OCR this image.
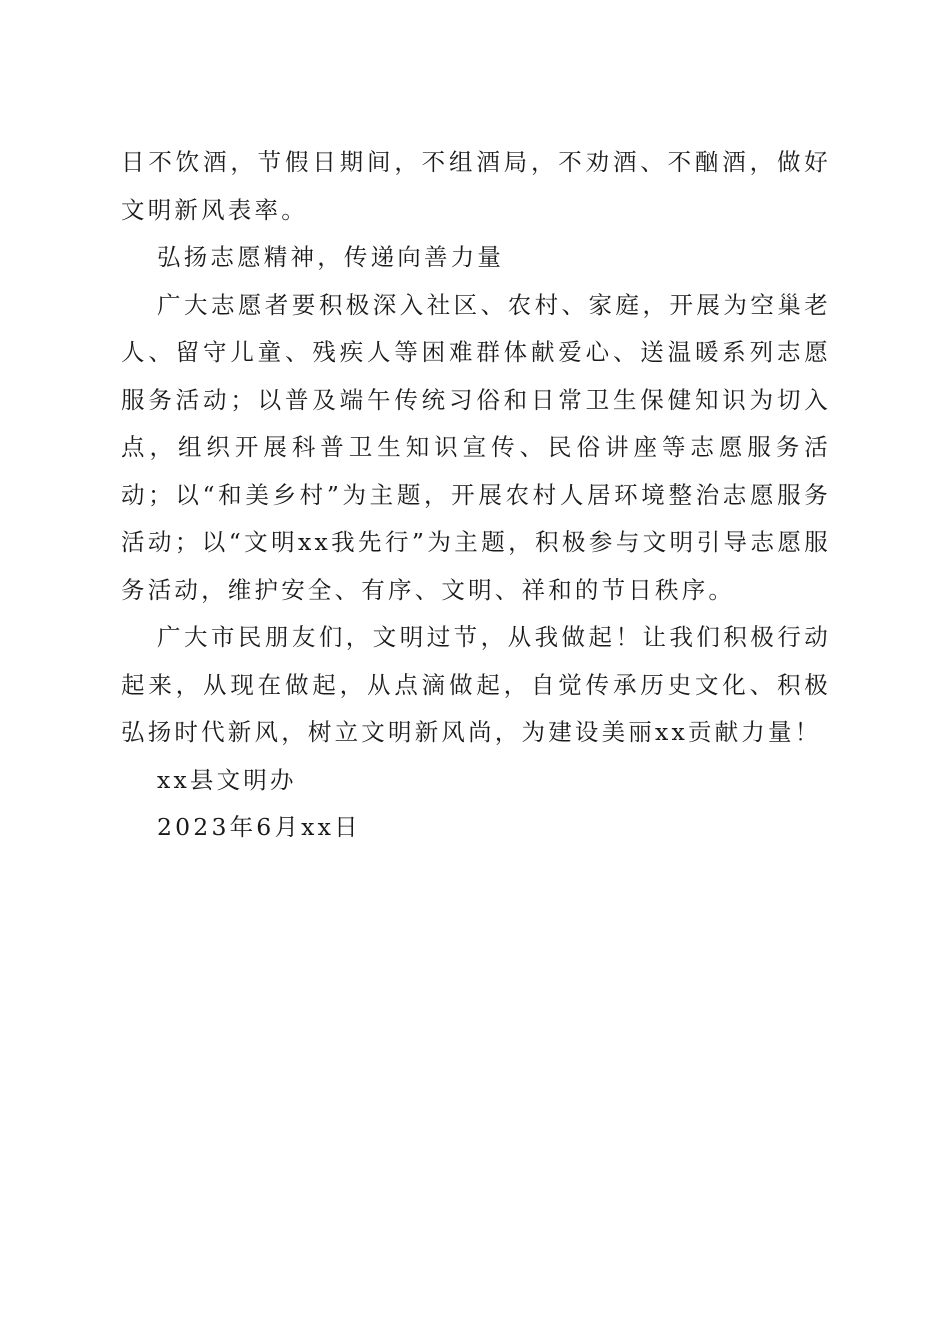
日不饮酒，节假日期间，不组酒局，不劝酒、不酗酒，做好文明新风表率。

弘扬志愿精神，传递向善力量

广大志愿者要积极深入社区、农村、家庭，开展为空巢老人、留守儿童、残疾人等困难群体献爱心、送温暖系列志愿服务活动；以普及端午传统习俗和日常卫生保健知识为切入点，组织开展科普卫生知识宣传、民俗讲座等志愿服务活动；以“和美乡村”为主题，开展农村人居环境整治志愿服务活动；以“文明xx我先行”为主题，积极参与文明引导志愿服务活动，维护安全、有序、文明、祥和的节日秩序。

广大市民朋友们，文明过节，从我做起！让我们积极行动起来，从现在做起，从点滴做起，自觉传承历史文化、积极弘扬时代新风，树立文明新风尚，为建设美丽xx贡献力量！

xx县文明办

2023年6月xx日
